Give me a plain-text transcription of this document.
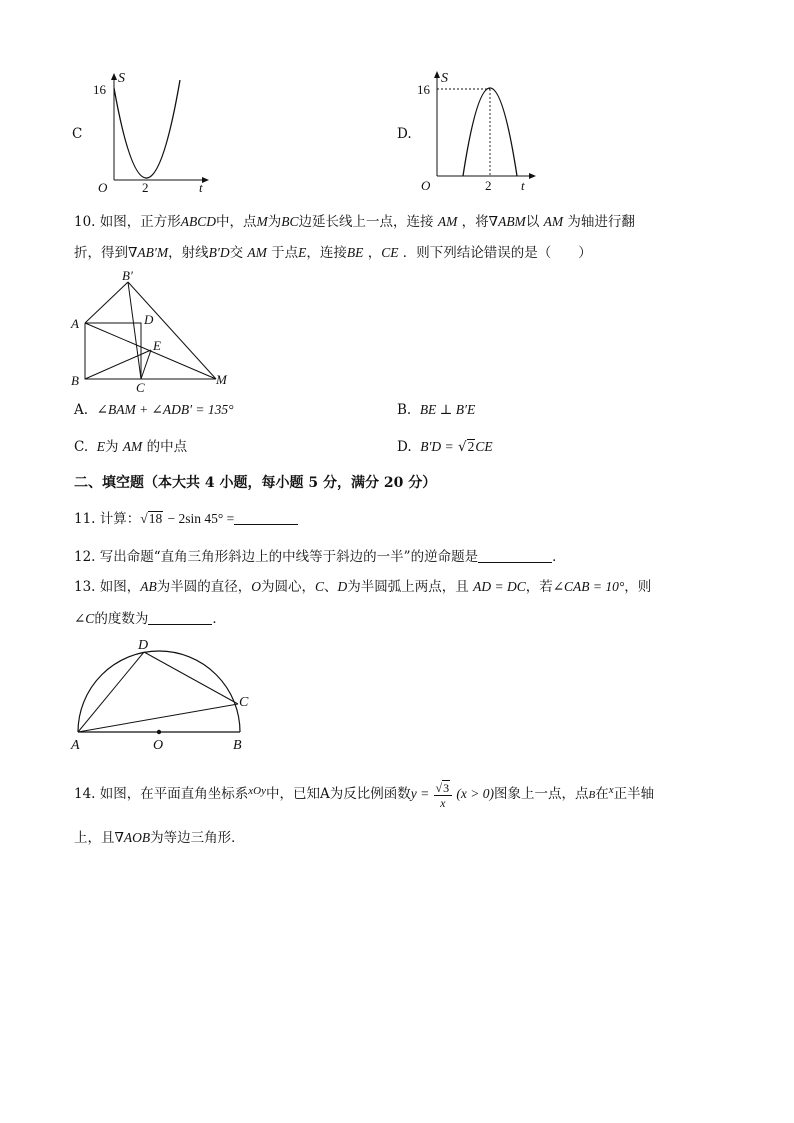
C
S
16
O	2	t
D.
S
16
O	2 t
10. 如图，正方形ABCD中，点M为BC边延长线上一点，连接 AM ，将∇ABM以 AM 为轴进行翻
折，得到∇AB′M，射线B′D交 AM 于点E，连接BE ，CE ．则下列结论错误的是（　　）
B′
A	D
E
B	C
M
A. ∠BAM + ∠ADB′ = 135°	B. BE ⊥ B′E
C. E为 AM 的中点	D. B′D = √2CE
二、填空题（本大共 4 小题，每小题 5 分，满分 20 分）
11. 计算：√18 − 2sin 45° =
12. 写出命题“直角三角形斜边上的中线等于斜边的一半”的逆命题是	．
13. 如图，AB为半圆的直径，O为圆心，C、D为半圆弧上两点，且 AD = DC，若∠CAB = 10°，则
∠C的度数为	．
D
C
A	O	B
14. 如图，在平面直角坐标系$^{xOy}$中，已知A为反比例函数$y = \frac{√3}{x} (x > 0)$图象上一点，点B在$^x$正半轴
上，且∇AOB为等边三角形．
